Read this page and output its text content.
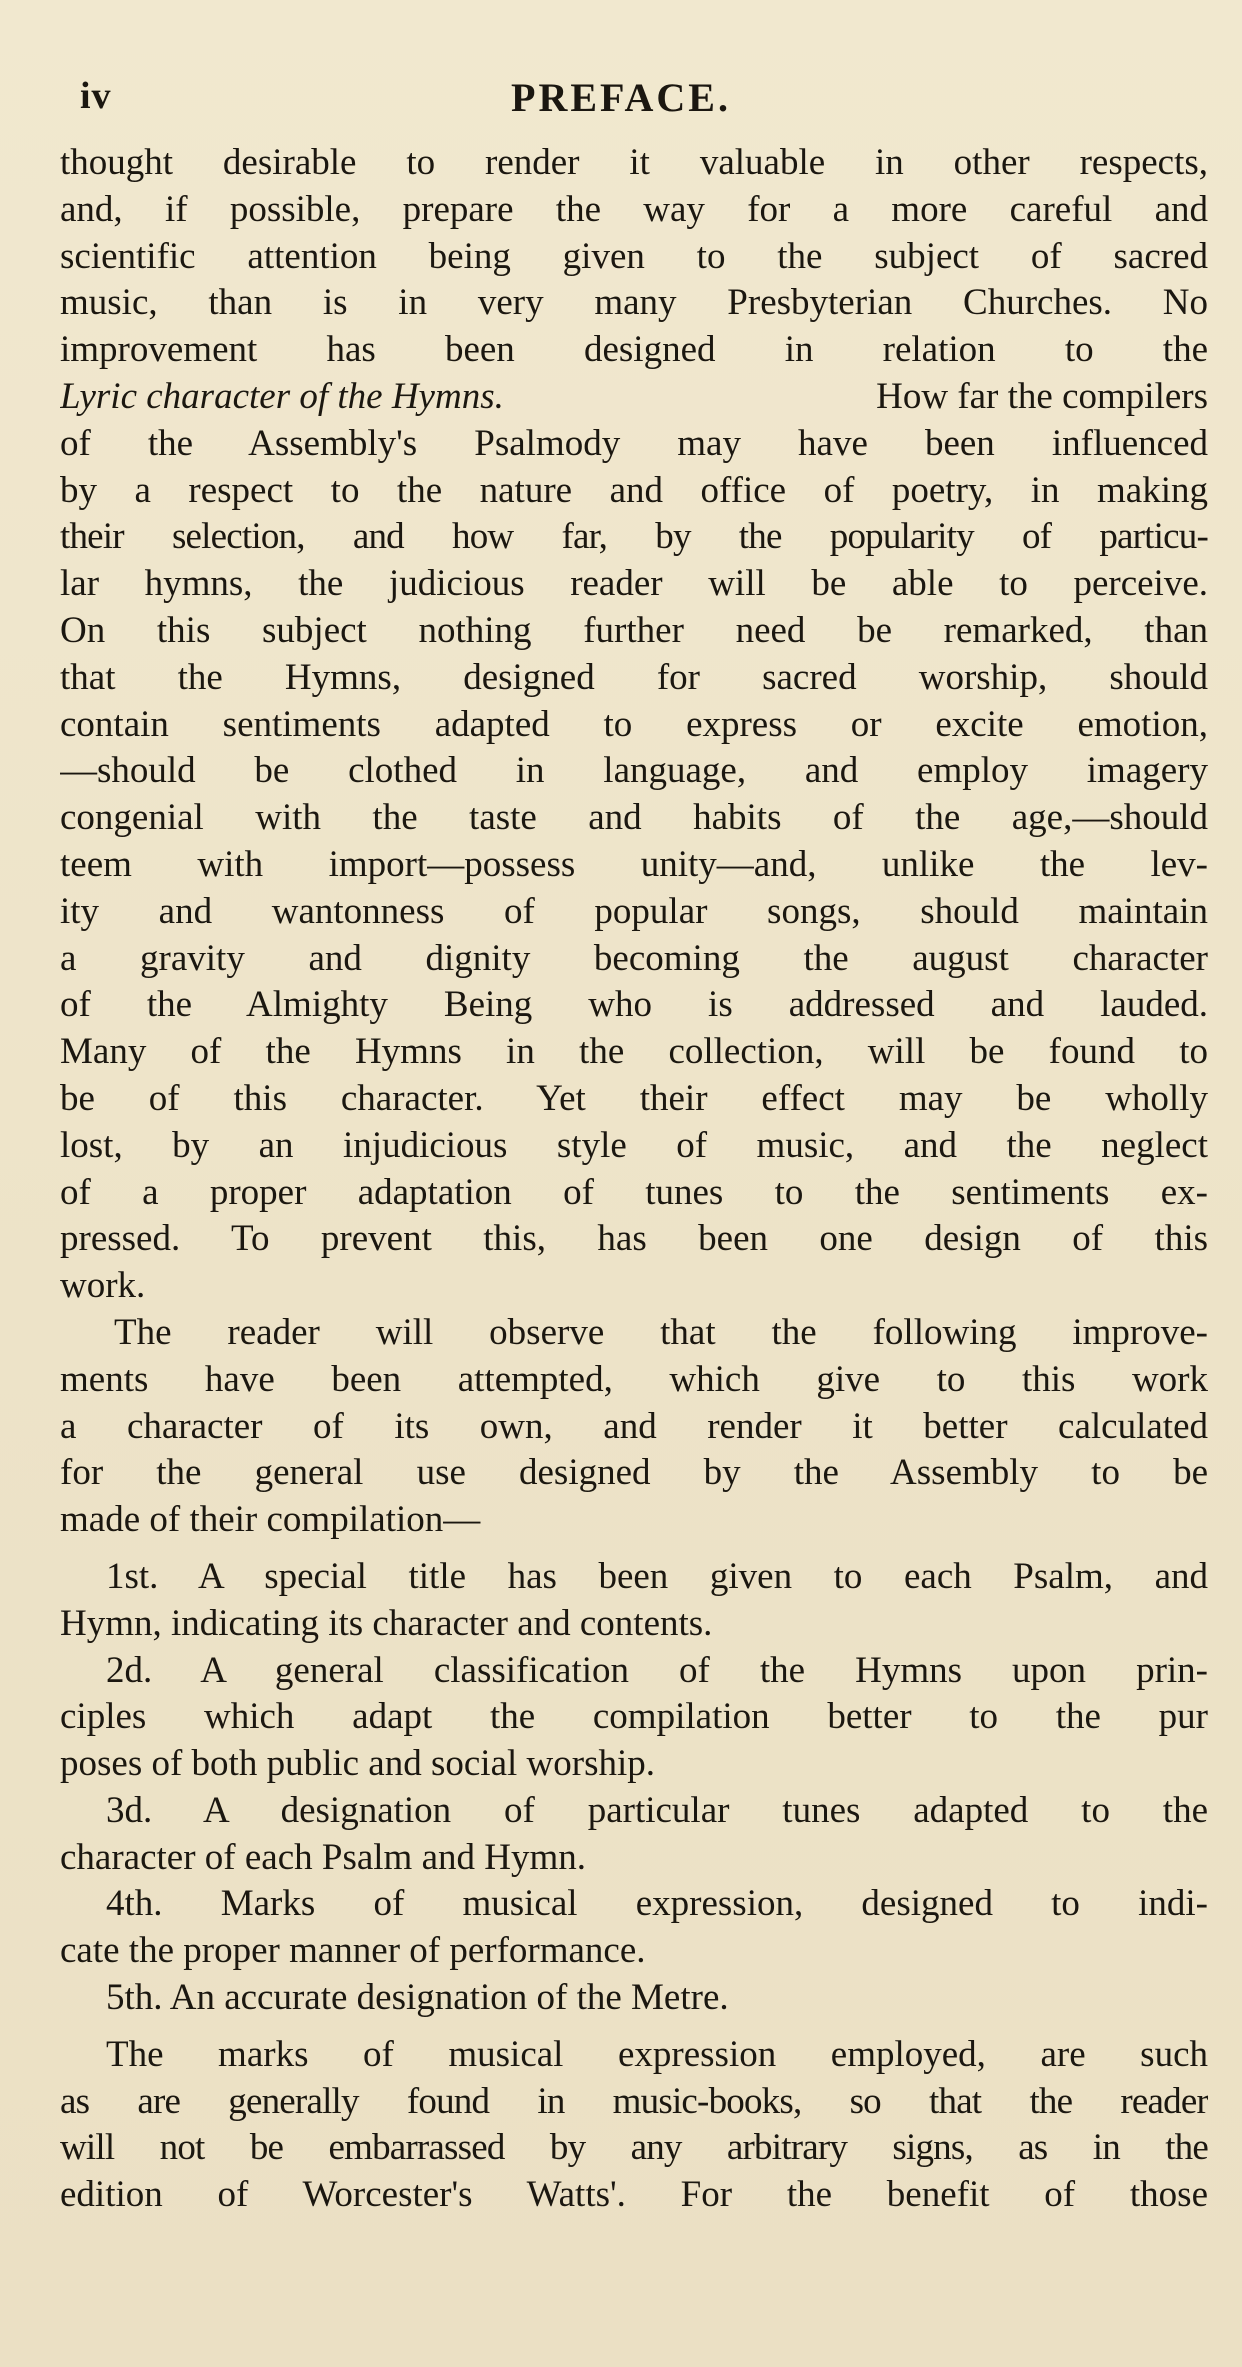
iv	PREFACE.
thought desirable to render it valuable in other respects,
and, if possible, prepare the way for a more careful and
scientific attention being given to the subject of sacred
music, than is in very many Presbyterian Churches. No
improvement has been designed in relation to the
Lyric character of the Hymns.	How far the compilers
of the Assembly's Psalmody may have been influenced
by a respect to the nature and office of poetry, in making
their selection, and how far, by the popularity of particu-
lar hymns, the judicious reader will be able to perceive.
On this subject nothing further need be remarked, than
that the Hymns, designed for sacred worship, should
contain sentiments adapted to express or excite emotion,
—should be clothed in language, and employ imagery
congenial with the taste and habits of the age,—should
teem with import—possess unity—and, unlike the lev-
ity and wantonness of popular songs, should maintain
a gravity and dignity becoming the august character
of the Almighty Being who is addressed and lauded.
Many of the Hymns in the collection, will be found to
be of this character. Yet their effect may be wholly
lost, by an injudicious style of music, and the neglect
of a proper adaptation of tunes to the sentiments ex-
pressed. To prevent this, has been one design of this
work.
The reader will observe that the following improve-
ments have been attempted, which give to this work
a character of its own, and render it better calculated
for the general use designed by the Assembly to be
made of their compilation—
1st. A special title has been given to each Psalm, and
Hymn, indicating its character and contents.
2d. A general classification of the Hymns upon prin-
ciples which adapt the compilation better to the pur
poses of both public and social worship.
3d. A designation of particular tunes adapted to the
character of each Psalm and Hymn.
4th. Marks of musical expression, designed to indi-
cate the proper manner of performance.
5th. An accurate designation of the Metre.
The marks of musical expression employed, are such
as are generally found in music-books, so that the reader
will not be embarrassed by any arbitrary signs, as in the
edition of Worcester's Watts'. For the benefit of those
